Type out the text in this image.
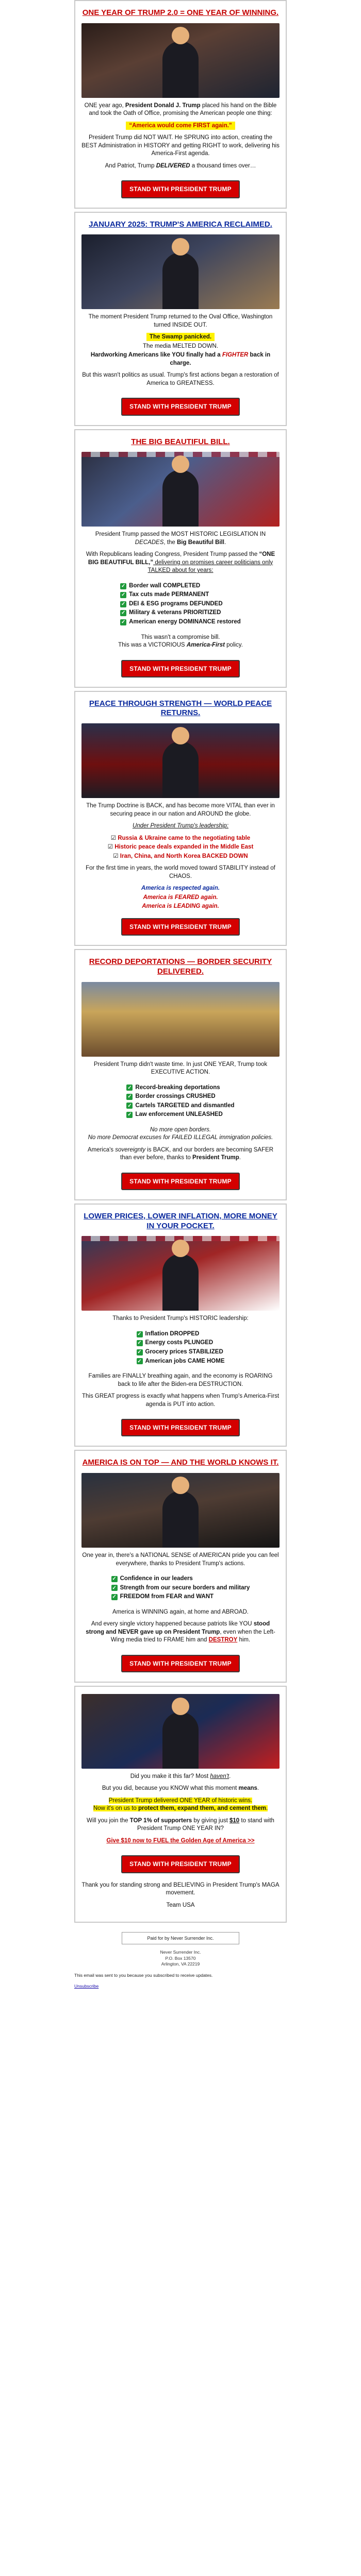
ONE YEAR OF TRUMP 2.0 = ONE YEAR OF WINNING.

ONE year ago, President Donald J. Trump placed his hand on the Bible and took the Oath of Office, promising the American people one thing:

“America would come FIRST again.”

President Trump did NOT WAIT. He SPRUNG into action, creating the BEST Administration in HISTORY and getting RIGHT to work, delivering his America-First agenda.

And Patriot, Trump DELIVERED a thousand times over…

STAND WITH PRESIDENT TRUMP
JANUARY 2025: TRUMP'S AMERICA RECLAIMED.

The moment President Trump returned to the Oval Office, Washington turned INSIDE OUT.

The Swamp panicked.

The media MELTED DOWN.

Hardworking Americans like YOU finally had a FIGHTER back in charge.

But this wasn't politics as usual. Trump's first actions began a restoration of America to GREATNESS.

STAND WITH PRESIDENT TRUMP
THE BIG BEAUTIFUL BILL.

President Trump passed the MOST HISTORIC LEGISLATION IN DECADES, the Big Beautiful Bill.

With Republicans leading Congress, President Trump passed the “ONE BIG BEAUTIFUL BILL,” delivering on promises career politicians only TALKED about for years:

✓ Border wall COMPLETED
✓ Tax cuts made PERMANENT
✓ DEI & ESG programs DEFUNDED
✓ Military & veterans PRIORITIZED
✓ American energy DOMINANCE restored

This wasn't a compromise bill.

This was a VICTORIOUS America-First policy.

STAND WITH PRESIDENT TRUMP
PEACE THROUGH STRENGTH — WORLD PEACE RETURNS.

The Trump Doctrine is BACK, and has become more VITAL than ever in securing peace in our nation and AROUND the globe.

Under President Trump's leadership:

☑ Russia & Ukraine came to the negotiating table

☑ Historic peace deals expanded in the Middle East

☑ Iran, China, and North Korea BACKED DOWN

For the first time in years, the world moved toward STABILITY instead of CHAOS.

America is respected again.

America is FEARED again.

America is LEADING again.

STAND WITH PRESIDENT TRUMP
RECORD DEPORTATIONS — BORDER SECURITY DELIVERED.

President Trump didn't waste time. In just ONE YEAR, Trump took EXECUTIVE ACTION.

✓ Record-breaking deportations
✓ Border crossings CRUSHED
✓ Cartels TARGETED and dismantled
✓ Law enforcement UNLEASHED

No more open borders.

No more Democrat excuses for FAILED ILLEGAL immigration policies.

America's sovereignty is BACK, and our borders are becoming SAFER than ever before, thanks to President Trump.

STAND WITH PRESIDENT TRUMP
LOWER PRICES, LOWER INFLATION, MORE MONEY IN YOUR POCKET.

Thanks to President Trump's HISTORIC leadership:

✓ Inflation DROPPED
✓ Energy costs PLUNGED
✓ Grocery prices STABILIZED
✓ American jobs CAME HOME

Families are FINALLY breathing again, and the economy is ROARING back to life after the Biden-era DESTRUCTION.

This GREAT progress is exactly what happens when Trump's America-First agenda is PUT into action.

STAND WITH PRESIDENT TRUMP
AMERICA IS ON TOP — AND THE WORLD KNOWS IT.

One year in, there's a NATIONAL SENSE of AMERICAN pride you can feel everywhere, thanks to President Trump's actions.

✓ Confidence in our leaders
✓ Strength from our secure borders and military
✓ FREEDOM from FEAR and WANT

America is WINNING again, at home and ABROAD.

And every single victory happened because patriots like YOU stood strong and NEVER gave up on President Trump, even when the Left-Wing media tried to FRAME him and DESTROY him.

STAND WITH PRESIDENT TRUMP

Did you make it this far? Most haven't.

But you did, because you KNOW what this moment means.

President Trump delivered ONE YEAR of historic wins.

Now it's on us to protect them, expand them, and cement them.

Will you join the TOP 1% of supporters by giving just $10 to stand with President Trump ONE YEAR IN?

Give $10 now to FUEL the Golden Age of America >>

STAND WITH PRESIDENT TRUMP

Thank you for standing strong and BELIEVING in President Trump's MAGA movement.

Team USA

Paid for by Never Surrender Inc.
Never Surrender Inc.
P.O. Box 13570
Arlington, VA 22219
This email was sent to you because you subscribed to receive updates.
Unsubscribe
